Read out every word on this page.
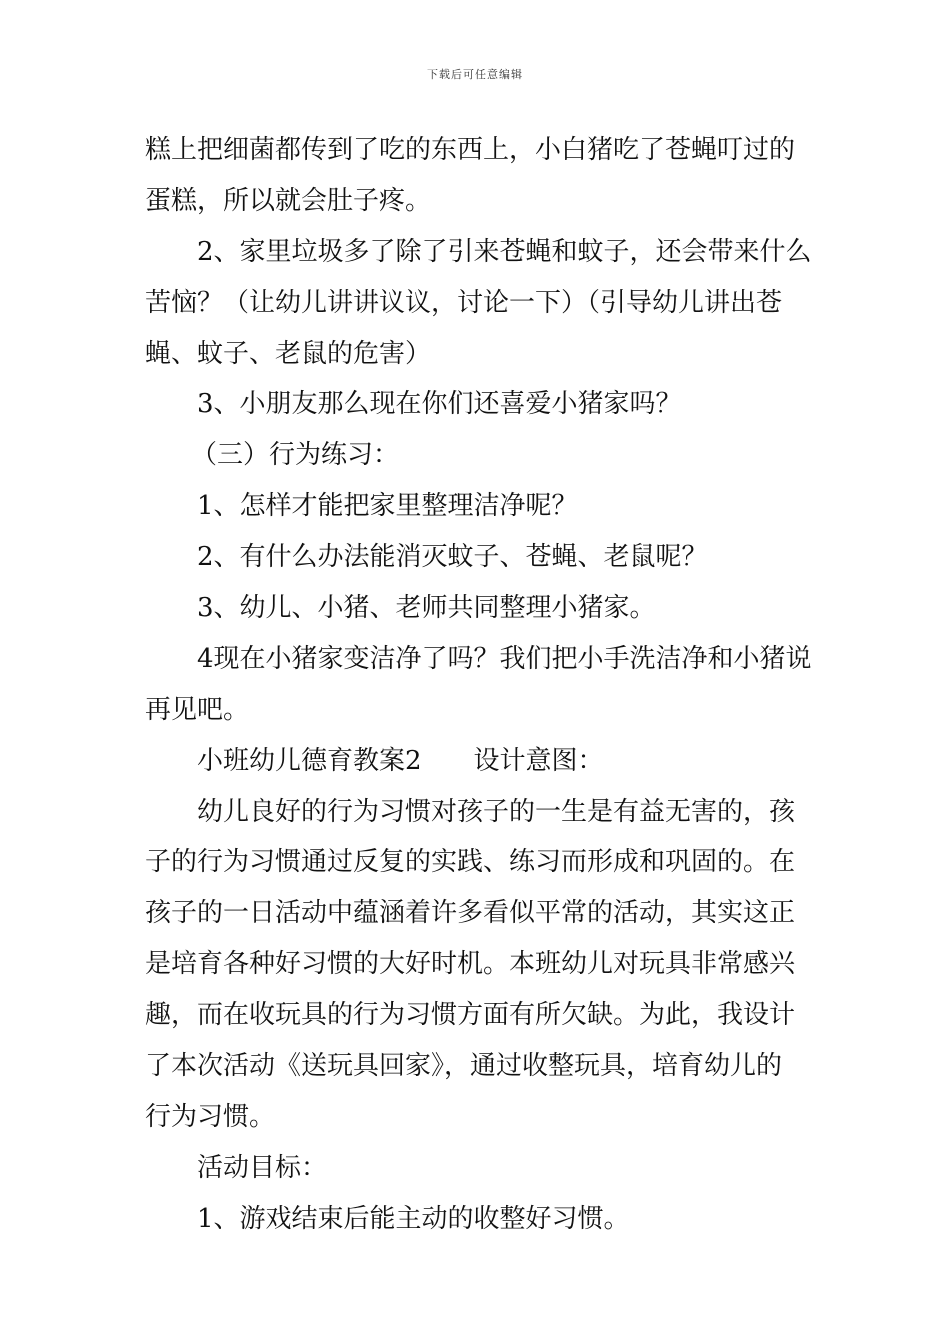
下载后可任意编辑
糕上把细菌都传到了吃的东西上，小白猪吃了苍蝇叮过的
蛋糕，所以就会肚子疼。
2、家里垃圾多了除了引来苍蝇和蚊子，还会带来什么
苦恼？（让幼儿讲讲议议，讨论一下）（引导幼儿讲出苍
蝇、蚊子、老鼠的危害）
3、小朋友那么现在你们还喜爱小猪家吗？
（三）行为练习：
1、怎样才能把家里整理洁净呢？
2、有什么办法能消灭蚊子、苍蝇、老鼠呢？
3、幼儿、小猪、老师共同整理小猪家。
4现在小猪家变洁净了吗？我们把小手洗洁净和小猪说
再见吧。
小班幼儿德育教案2　　设计意图：
幼儿良好的行为习惯对孩子的一生是有益无害的，孩
子的行为习惯通过反复的实践、练习而形成和巩固的。在
孩子的一日活动中蕴涵着许多看似平常的活动，其实这正
是培育各种好习惯的大好时机。本班幼儿对玩具非常感兴
趣，而在收玩具的行为习惯方面有所欠缺。为此，我设计
了本次活动《送玩具回家》，通过收整玩具，培育幼儿的
行为习惯。
活动目标：
1、游戏结束后能主动的收整好习惯。
